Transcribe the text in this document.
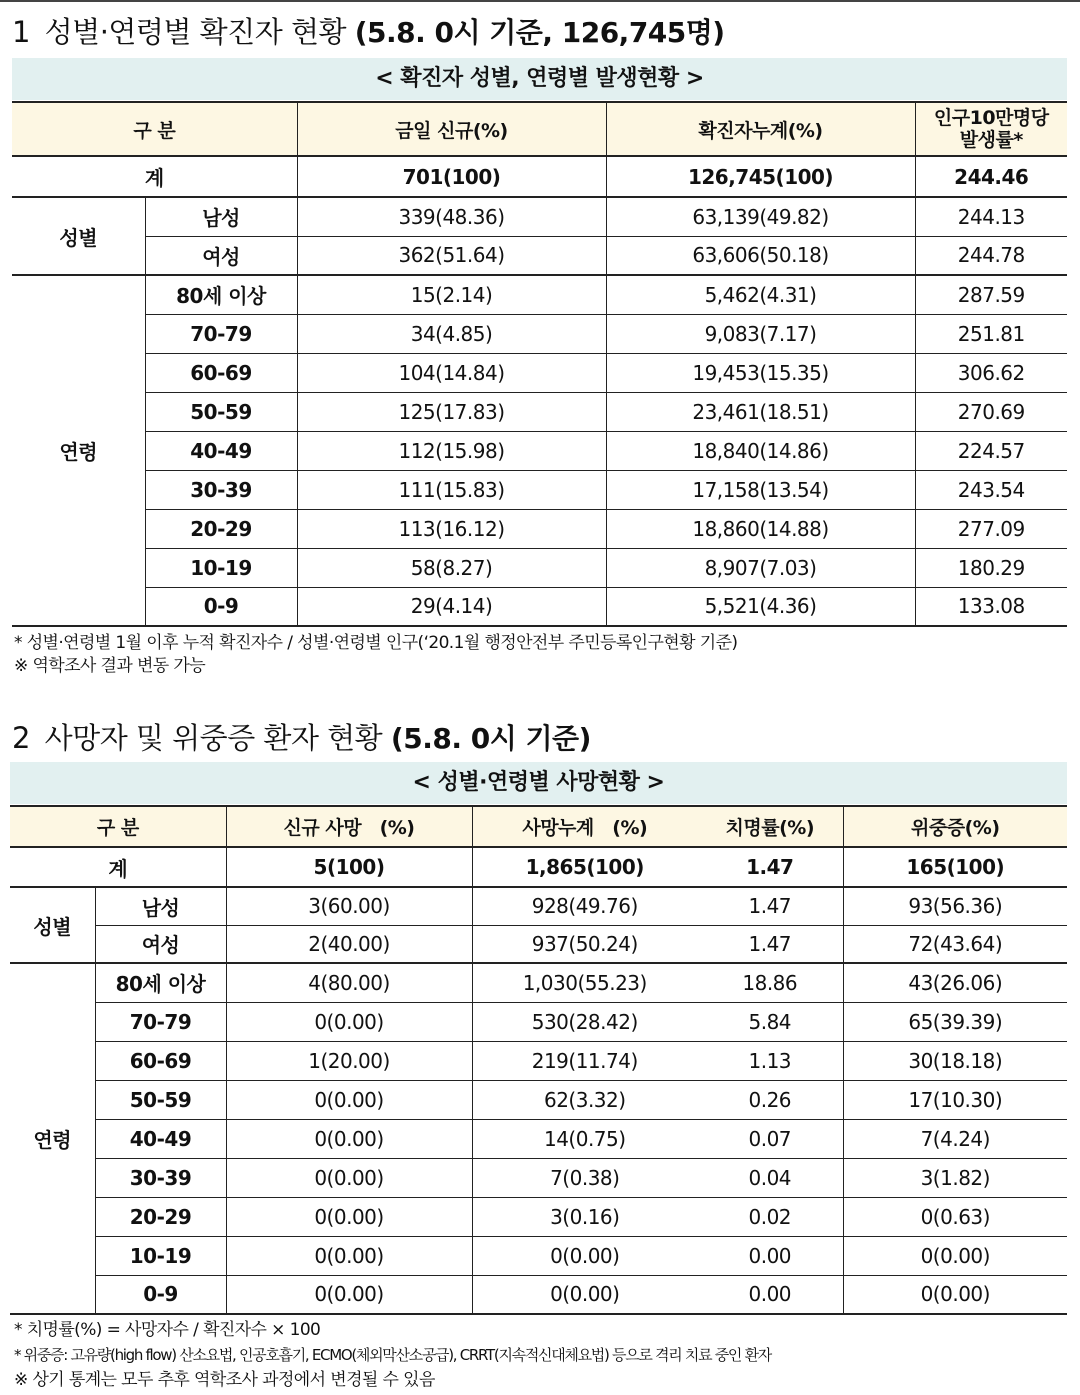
1 성별·연령별 확진자 현황 (5.8. 0시 기준, 126,745명)
< 확진자 성별, 연령별 발생현황 >
구 분		금일 신규(%)	확진자누계(%)	인구10만명당
발생률*

계		701(100)	126,745(100)	244.46
성별	남성	339(48.36)	63,139(49.82)	244.13
	여성	362(51.64)	63,606(50.18)	244.78
연령	80세 이상	15(2.14)	5,462(4.31)	287.59
	70-79	34(4.85)	9,083(7.17)	251.81
	60-69	104(14.84)	19,453(15.35)	306.62
	50-59	125(17.83)	23,461(18.51)	270.69
	40-49	112(15.98)	18,840(14.86)	224.57
	30-39	111(15.83)	17,158(13.54)	243.54
	20-29	113(16.12)	18,860(14.88)	277.09
	10-19	58(8.27)	8,907(7.03)	180.29
	0-9	29(4.14)	5,521(4.36)	133.08
* 성별·연령별 1월 이후 누적 확진자수 / 성별·연령별 인구(‘20.1월 행정안전부 주민등록인구현황 기준)
※ 역학조사 결과 변동 가능
2 사망자 및 위중증 환자 현황 (5.8. 0시 기준)
< 성별·연령별 사망현황 >
구 분		신규 사망　(%)	사망누계　(%)	치명률(%)	위중증(%)
계		5(100)	1,865(100)	1.47	165(100)
성별	남성	3(60.00)	928(49.76)	1.47	93(56.36)
	여성	2(40.00)	937(50.24)	1.47	72(43.64)
연령	80세 이상	4(80.00)	1,030(55.23)	18.86	43(26.06)
	70-79	0(0.00)	530(28.42)	5.84	65(39.39)
	60-69	1(20.00)	219(11.74)	1.13	30(18.18)
	50-59	0(0.00)	62(3.32)	0.26	17(10.30)
	40-49	0(0.00)	14(0.75)	0.07	7(4.24)
	30-39	0(0.00)	7(0.38)	0.04	3(1.82)
	20-29	0(0.00)	3(0.16)	0.02	0(0.63)
	10-19	0(0.00)	0(0.00)	0.00	0(0.00)
	0-9	0(0.00)	0(0.00)	0.00	0(0.00)
* 치명률(%) = 사망자수 / 확진자수 × 100
* 위중증: 고유량(high flow) 산소요법, 인공호흡기, ECMO(체외막산소공급), CRRT(지속적신대체요법) 등으로 격리 치료 중인 환자
※ 상기 통계는 모두 추후 역학조사 과정에서 변경될 수 있음
